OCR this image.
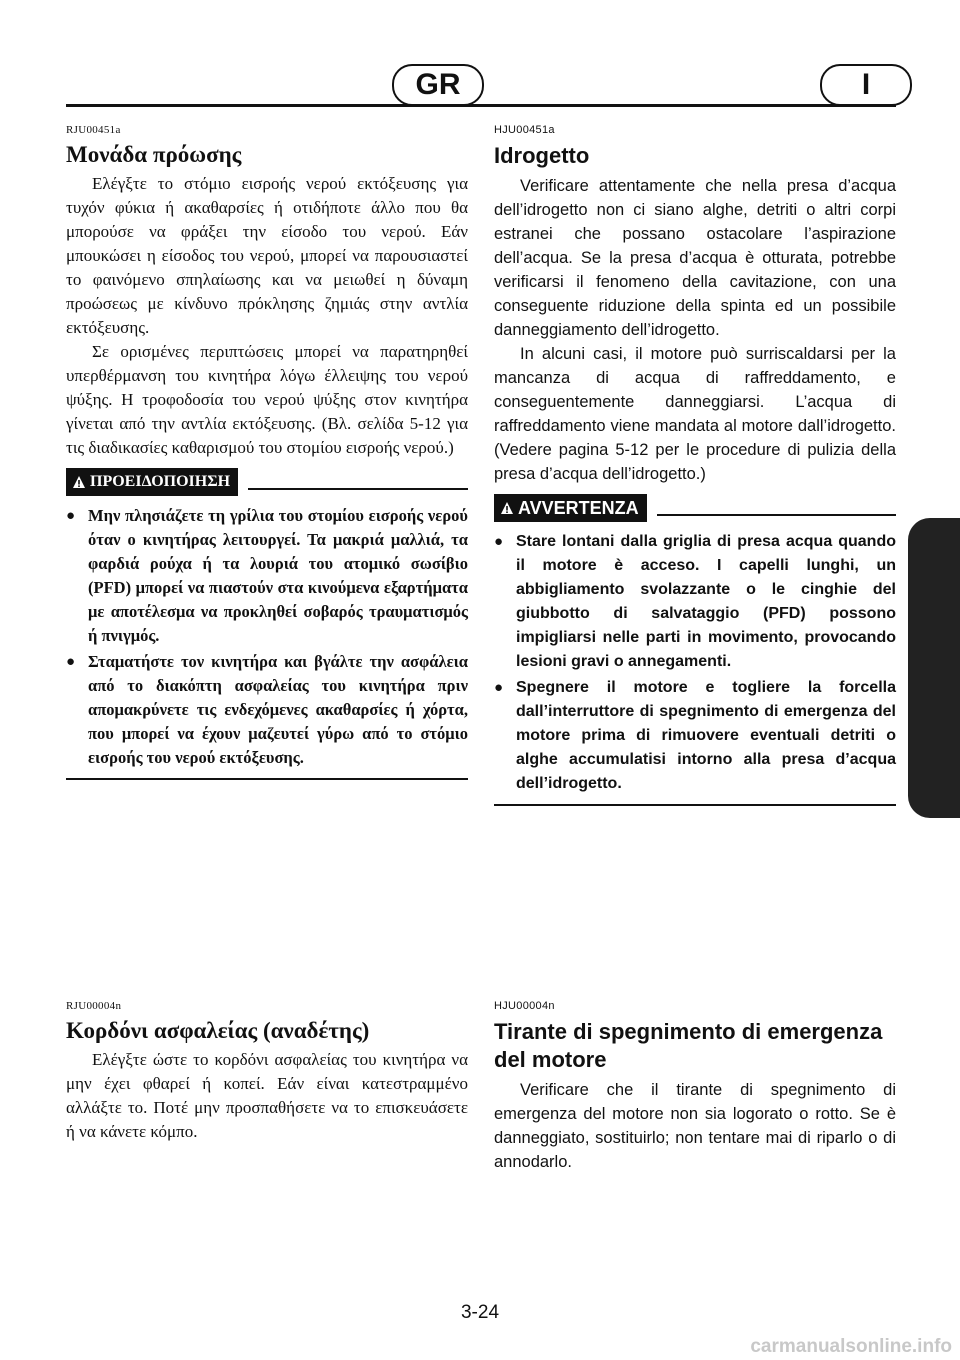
GR	I
RJU00451a
Μονάδα πρόωσης

Ελέγξτε το στόμιο εισροής νερού εκτόξευσης για τυχόν φύκια ή ακαθαρσίες ή οτιδήποτε άλλο που θα μπορούσε να φράξει την είσοδο του νερού. Εάν μπουκώσει η είσοδος του νερού, μπορεί να παρουσιαστεί το φαινόμενο σπηλαίωσης και να μειωθεί η δύναμη προώσεως με κίνδυνο πρόκλησης ζημιάς στην αντλία εκτόξευσης.

Σε ορισμένες περιπτώσεις μπορεί να παρατηρηθεί υπερθέρμανση του κινητήρα λόγω έλλειψης του νερού ψύξης. Η τροφοδοσία του νερού ψύξης στον κινητήρα γίνεται από την αντλία εκτόξευσης. (Βλ. σελίδα 5-12 για τις διαδικασίες καθαρισμού του στομίου εισροής νερού.)

ΠΡΟΕΙΔΟΠΟΙΗΣΗ
● Μην πλησιάζετε τη γρίλια του στομίου εισροής νερού όταν ο κινητήρας λειτουργεί. Τα μακριά μαλλιά, τα φαρδιά ρούχα ή τα λουριά του ατομικό σωσίβιο (PFD) μπορεί να πιαστούν στα κινούμενα εξαρτήματα με αποτέλεσμα να προκληθεί σοβαρός τραυματισμός ή πνιγμός.
● Σταματήστε τον κινητήρα και βγάλτε την ασφάλεια από το διακόπτη ασφαλείας του κινητήρα πριν απομακρύνετε τις ενδεχόμενες ακαθαρσίες ή χόρτα, που μπορεί να έχουν μαζευτεί γύρω από το στόμιο εισροής του νερού εκτόξευσης.
HJU00451a
Idrogetto

Verificare attentamente che nella presa d’acqua dell’idrogetto non ci siano alghe, detriti o altri corpi estranei che possano ostacolare l’aspirazione dell’acqua. Se la presa d’acqua è otturata, potrebbe verificarsi il fenomeno della cavitazione, con una conseguente riduzione della spinta ed un possibile danneggiamento dell’idrogetto.

In alcuni casi, il motore può surriscaldarsi per la mancanza di acqua di raffreddamento, e conseguentemente danneggiarsi. L’acqua di raffreddamento viene mandata al motore dall’idrogetto. (Vedere pagina 5-12 per le procedure di pulizia della presa d’acqua dell’idrogetto.)

AVVERTENZA
● Stare lontani dalla griglia di presa acqua quando il motore è acceso. I capelli lunghi, un abbigliamento svolazzante o le cinghie del giubbotto di salvataggio (PFD) possono impigliarsi nelle parti in movimento, provocando lesioni gravi o annegamenti.
● Spegnere il motore e togliere la forcella dall’interruttore di spegnimento di emergenza del motore prima di rimuovere eventuali detriti o alghe accumulatisi intorno alla presa d’acqua dell’idrogetto.
RJU00004n
Κορδόνι ασφαλείας (αναδέτης)

Ελέγξτε ώστε το κορδόνι ασφαλείας του κινητήρα να μην έχει φθαρεί ή κοπεί. Εάν είναι κατεστραμμένο αλλάξτε το. Ποτέ μην προσπαθήσετε να το επισκευάσετε ή να κάνετε κόμπο.

HJU00004n
Tirante di spegnimento di emergenza del motore

Verificare che il tirante di spegnimento di emergenza del motore non sia logorato o rotto. Se è danneggiato, sostituirlo; non tentare mai di riparlo o di annodarlo.

3-24
carmanualsonline.info
